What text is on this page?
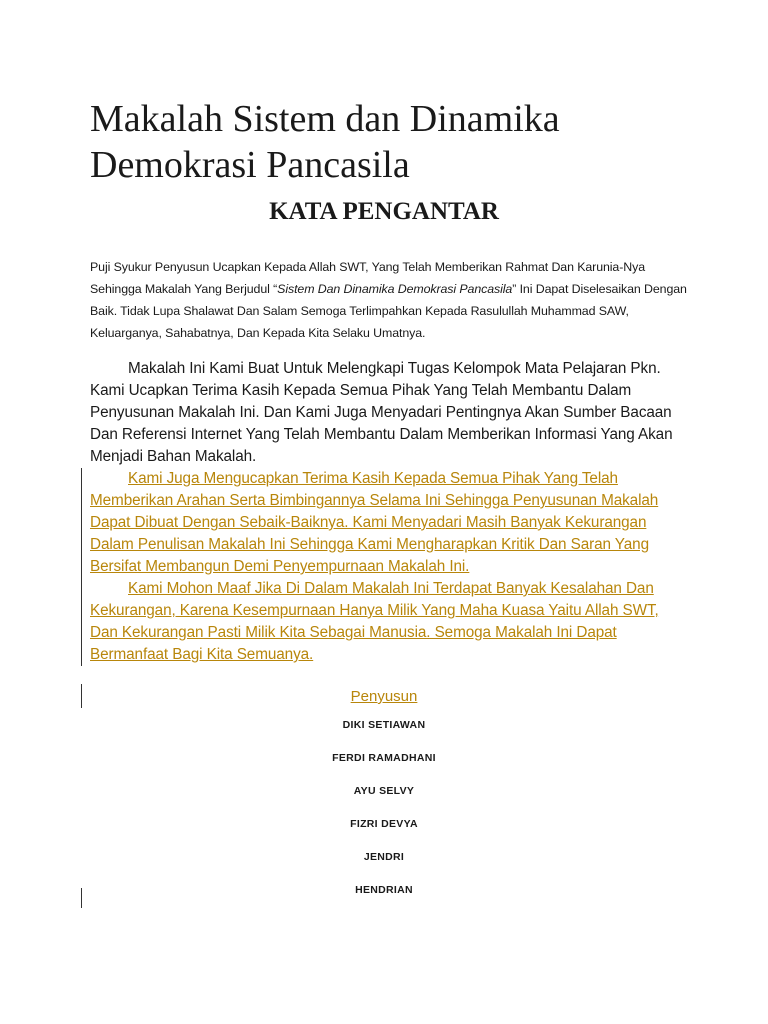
Makalah Sistem dan Dinamika Demokrasi Pancasila
KATA PENGANTAR

Puji Syukur Penyusun Ucapkan Kepada Allah SWT, Yang Telah Memberikan Rahmat Dan Karunia-Nya Sehingga Makalah Yang Berjudul “Sistem Dan Dinamika Demokrasi Pancasila” Ini Dapat Diselesaikan Dengan Baik. Tidak Lupa Shalawat Dan Salam Semoga Terlimpahkan Kepada Rasulullah Muhammad SAW, Keluarganya, Sahabatnya, Dan Kepada Kita Selaku Umatnya.

Makalah Ini Kami Buat Untuk Melengkapi Tugas Kelompok Mata Pelajaran Pkn. Kami Ucapkan Terima Kasih Kepada Semua Pihak Yang Telah Membantu Dalam Penyusunan Makalah Ini. Dan Kami Juga Menyadari Pentingnya Akan Sumber Bacaan Dan Referensi Internet Yang Telah Membantu Dalam Memberikan Informasi Yang Akan Menjadi Bahan Makalah.

Kami Juga Mengucapkan Terima Kasih Kepada Semua Pihak Yang Telah Memberikan Arahan Serta Bimbingannya Selama Ini Sehingga Penyusunan Makalah Dapat Dibuat Dengan Sebaik-Baiknya. Kami Menyadari Masih Banyak Kekurangan Dalam Penulisan Makalah Ini Sehingga Kami Mengharapkan Kritik Dan Saran Yang Bersifat Membangun Demi Penyempurnaan Makalah Ini.

Kami Mohon Maaf Jika Di Dalam Makalah Ini Terdapat Banyak Kesalahan Dan Kekurangan, Karena Kesempurnaan Hanya Milik Yang Maha Kuasa Yaitu Allah SWT, Dan Kekurangan Pasti Milik Kita Sebagai Manusia. Semoga Makalah Ini Dapat Bermanfaat Bagi Kita Semuanya.

Penyusun

DIKI SETIAWAN

FERDI RAMADHANI

AYU SELVY

FIZRI DEVYA

JENDRI

HENDRIAN
